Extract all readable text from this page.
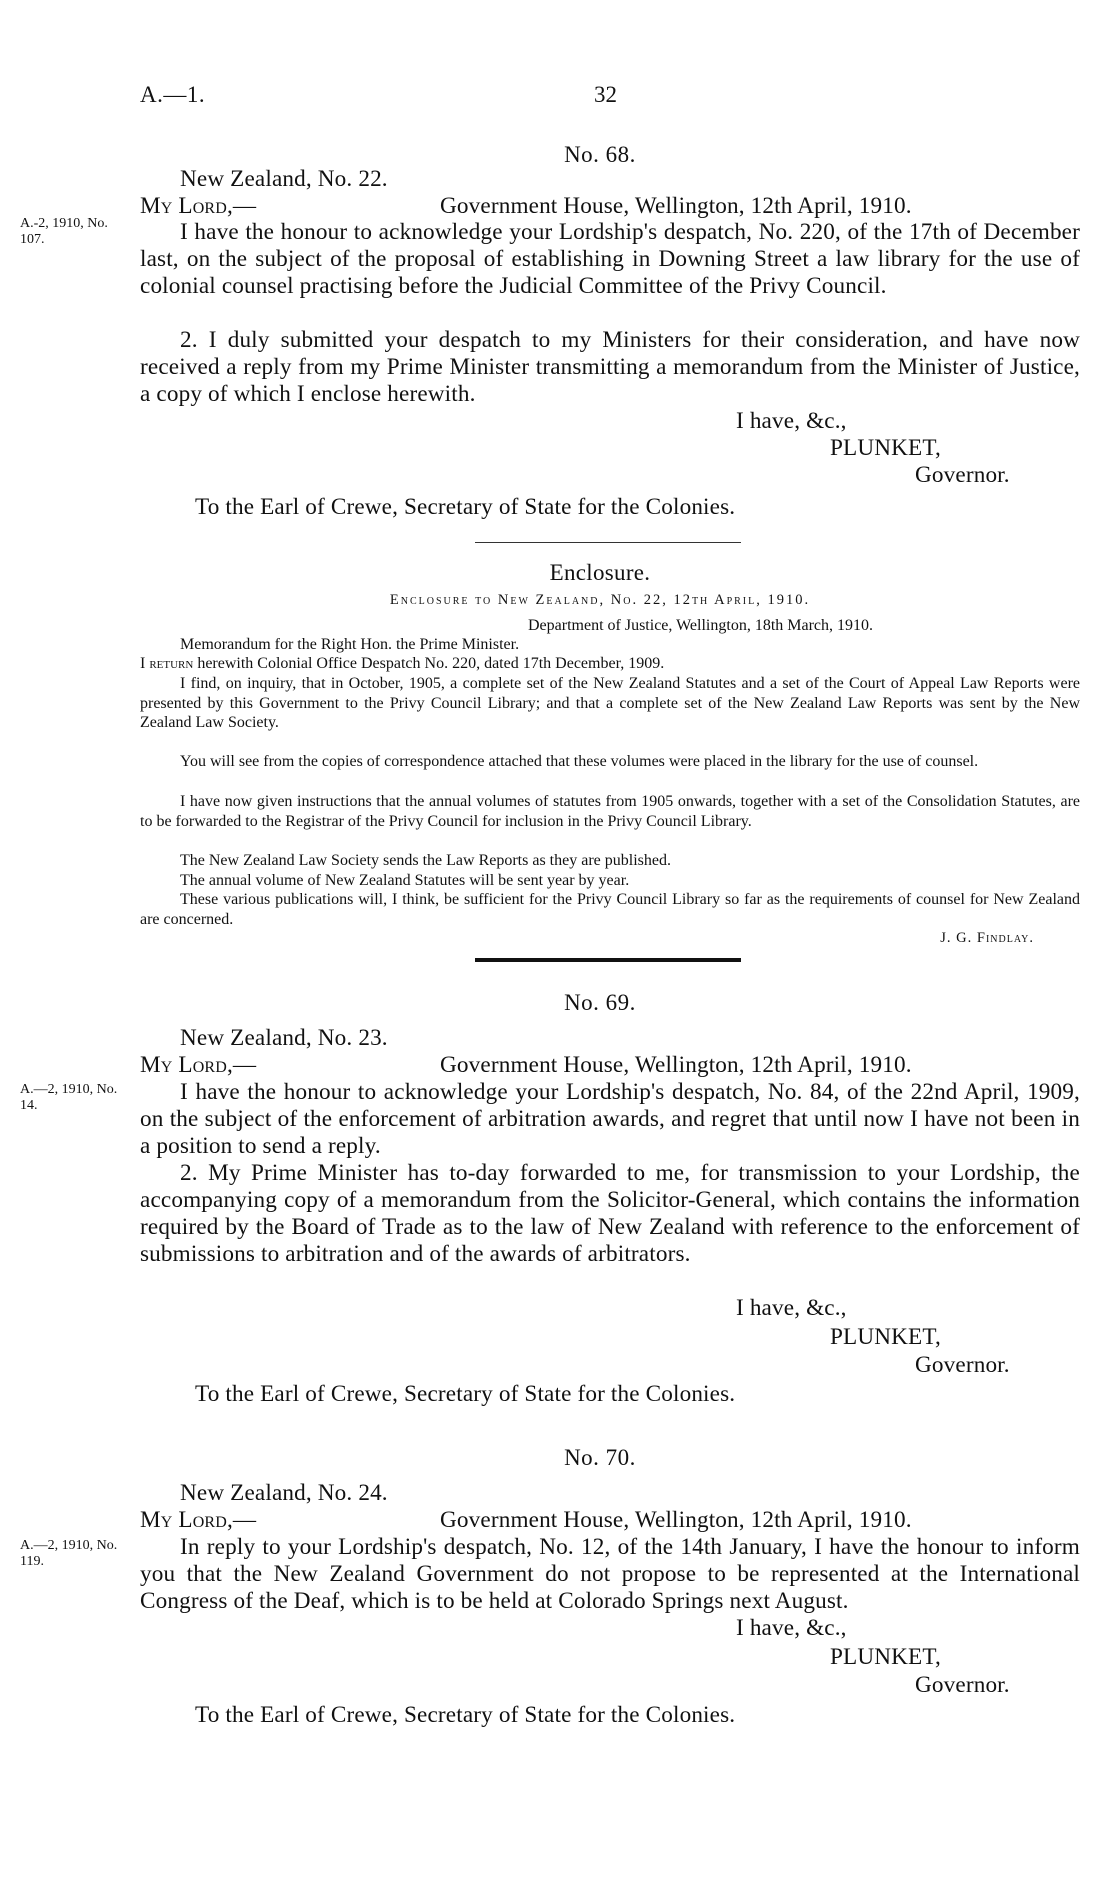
A.—1.	32
No. 68.
New Zealand, No. 22.
My Lord,—	Government House, Wellington, 12th April, 1910.
A.-2, 1910, No. 107.	I have the honour to acknowledge your Lordship's despatch, No. 220, of the 17th of December last, on the subject of the proposal of establishing in Downing Street a law library for the use of colonial counsel practising before the Judicial Committee of the Privy Council.
2. I duly submitted your despatch to my Ministers for their consideration, and have now received a reply from my Prime Minister transmitting a memorandum from the Minister of Justice, a copy of which I enclose herewith.
I have, &c.,
PLUNKET,
Governor.
To the Earl of Crewe, Secretary of State for the Colonies.
Enclosure.
Enclosure to New Zealand, No. 22, 12th April, 1910.
Department of Justice, Wellington, 18th March, 1910.
Memorandum for the Right Hon. the Prime Minister.
I return herewith Colonial Office Despatch No. 220, dated 17th December, 1909.
I find, on inquiry, that in October, 1905, a complete set of the New Zealand Statutes and a set of the Court of Appeal Law Reports were presented by this Government to the Privy Council Library; and that a complete set of the New Zealand Law Reports was sent by the New Zealand Law Society.
You will see from the copies of correspondence attached that these volumes were placed in the library for the use of counsel.
I have now given instructions that the annual volumes of statutes from 1905 onwards, together with a set of the Consolidation Statutes, are to be forwarded to the Registrar of the Privy Council for inclusion in the Privy Council Library.
The New Zealand Law Society sends the Law Reports as they are published.
The annual volume of New Zealand Statutes will be sent year by year.
These various publications will, I think, be sufficient for the Privy Council Library so far as the requirements of counsel for New Zealand are concerned.
J. G. Findlay.
No. 69.
New Zealand, No. 23.
My Lord,—	Government House, Wellington, 12th April, 1910.
A.—2, 1910, No. 14.
I have the honour to acknowledge your Lordship's despatch, No. 84, of the 22nd April, 1909, on the subject of the enforcement of arbitration awards, and regret that until now I have not been in a position to send a reply.
2. My Prime Minister has to-day forwarded to me, for transmission to your Lordship, the accompanying copy of a memorandum from the Solicitor-General, which contains the information required by the Board of Trade as to the law of New Zealand with reference to the enforcement of submissions to arbitration and of the awards of arbitrators.
I have, &c.,
PLUNKET,
Governor.
To the Earl of Crewe, Secretary of State for the Colonies.
No. 70.
New Zealand, No. 24.
My Lord,—	Government House, Wellington, 12th April, 1910.
A.—2, 1910, No. 119.
In reply to your Lordship's despatch, No. 12, of the 14th January, I have the honour to inform you that the New Zealand Government do not propose to be represented at the International Congress of the Deaf, which is to be held at Colorado Springs next August.
I have, &c.,
PLUNKET,
Governor.
To the Earl of Crewe, Secretary of State for the Colonies.
